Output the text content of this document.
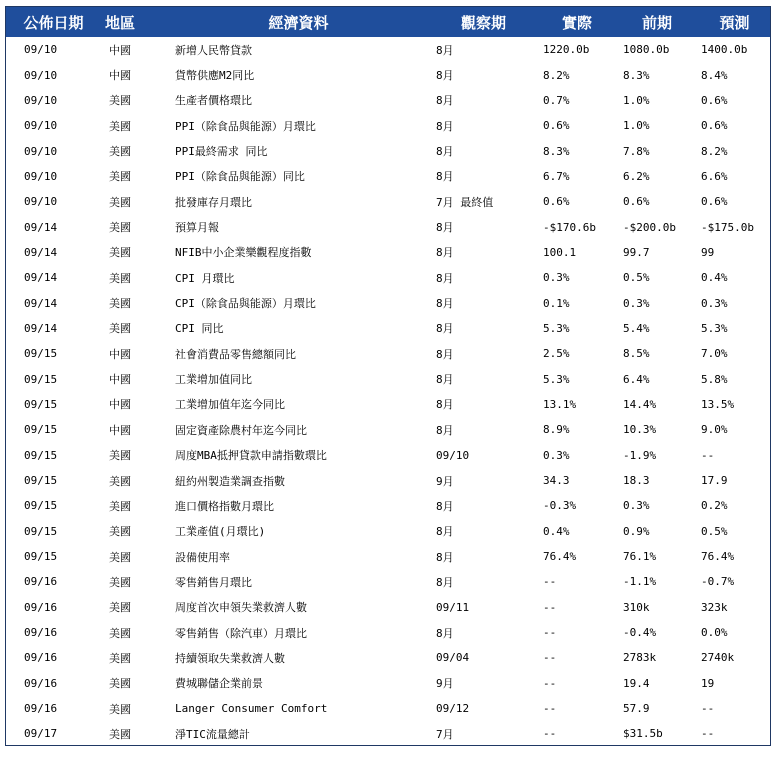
公佈日期	地區	經濟資料	觀察期	實際	前期	預測
09/10	中國	新增人民幣貸款	8月	1220.0b	1080.0b	1400.0b
09/10	中國	貨幣供應M2同比	8月	8.2%	8.3%	8.4%
09/10	美國	生產者價格環比	8月	0.7%	1.0%	0.6%
09/10	美國	PPI（除食品與能源）月環比	8月	0.6%	1.0%	0.6%
09/10	美國	PPI最終需求 同比	8月	8.3%	7.8%	8.2%
09/10	美國	PPI（除食品與能源）同比	8月	6.7%	6.2%	6.6%
09/10	美國	批發庫存月環比	7月 最終值	0.6%	0.6%	0.6%
09/14	美國	預算月報	8月	-$170.6b	-$200.0b	-$175.0b
09/14	美國	NFIB中小企業樂觀程度指數	8月	100.1	99.7	99
09/14	美國	CPI 月環比	8月	0.3%	0.5%	0.4%
09/14	美國	CPI（除食品與能源）月環比	8月	0.1%	0.3%	0.3%
09/14	美國	CPI 同比	8月	5.3%	5.4%	5.3%
09/15	中國	社會消費品零售總額同比	8月	2.5%	8.5%	7.0%
09/15	中國	工業增加值同比	8月	5.3%	6.4%	5.8%
09/15	中國	工業增加值年迄今同比	8月	13.1%	14.4%	13.5%
09/15	中國	固定資產除農村年迄今同比	8月	8.9%	10.3%	9.0%
09/15	美國	周度MBA抵押貸款申請指數環比	09/10	0.3%	-1.9%	--
09/15	美國	紐約州製造業調查指數	9月	34.3	18.3	17.9
09/15	美國	進口價格指數月環比	8月	-0.3%	0.3%	0.2%
09/15	美國	工業產值(月環比)	8月	0.4%	0.9%	0.5%
09/15	美國	設備使用率	8月	76.4%	76.1%	76.4%
09/16	美國	零售銷售月環比	8月	--	-1.1%	-0.7%
09/16	美國	周度首次申領失業救濟人數	09/11	--	310k	323k
09/16	美國	零售銷售（除汽車）月環比	8月	--	-0.4%	0.0%
09/16	美國	持續領取失業救濟人數	09/04	--	2783k	2740k
09/16	美國	費城聯儲企業前景	9月	--	19.4	19
09/16	美國	Langer Consumer Comfort	09/12	--	57.9	--
09/17	美國	淨TIC流量總計	7月	--	$31.5b	--
